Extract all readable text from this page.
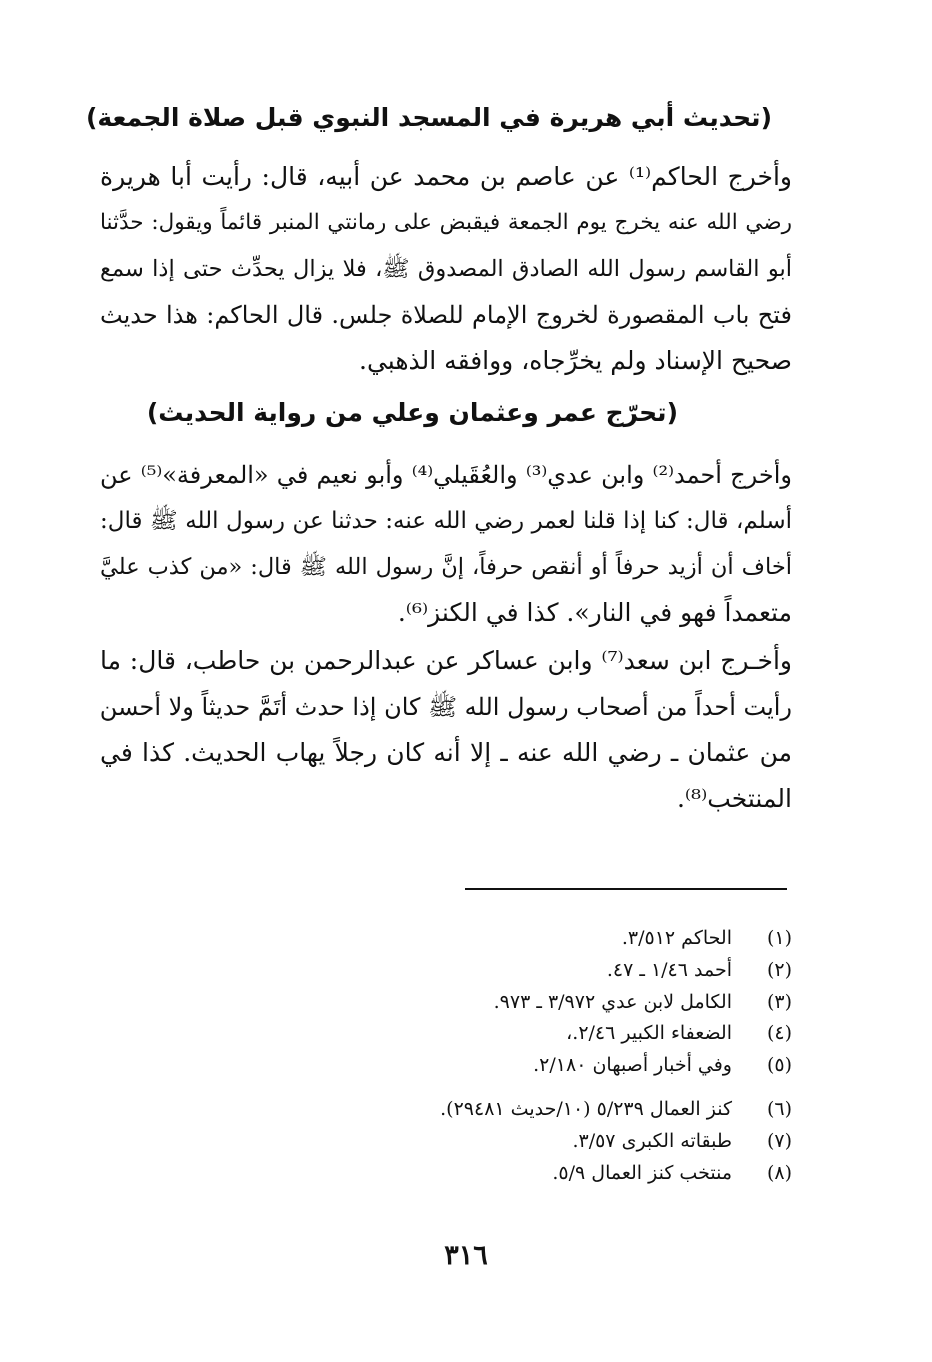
(تحديث أبي هريرة في المسجد النبوي قبل صلاة الجمعة)
وأخرج الحاكم⁽¹⁾ عن عاصم بن محمد عن أبيه، قال: رأيت أبا هريرة
رضي الله عنه يخرج يوم الجمعة فيقبض على رمانتي المنبر قائماً ويقول: حدَّثنا
أبو القاسم رسول الله الصادق المصدوق ﷺ، فلا يزال يحدِّث حتى إذا سمع
فتح باب المقصورة لخروج الإمام للصلاة جلس. قال الحاكم: هذا حديث
صحيح الإسناد ولم يخرِّجاه، ووافقه الذهبي.
(تحرّج عمر وعثمان وعلي من رواية الحديث)
وأخرج أحمد⁽²⁾ وابن عدي⁽³⁾ والعُقَيلي⁽⁴⁾ وأبو نعيم في «المعرفة»⁽⁵⁾ عن
أسلم، قال: كنا إذا قلنا لعمر رضي الله عنه: حدثنا عن رسول الله ﷺ قال:
أخاف أن أزيد حرفاً أو أنقص حرفاً، إنَّ رسول الله ﷺ قال: «من كذب عليَّ
متعمداً فهو في النار». كذا في الكنز⁽⁶⁾.
وأخـرج ابن سعد⁽⁷⁾ وابن عساكر عن عبدالرحمن بن حاطب، قال: ما
رأيت أحداً من أصحاب رسول الله ﷺ كان إذا حدث أتَمَّ حديثاً ولا أحسن
من عثمان ـ رضي الله عنه ـ إلا أنه كان رجلاً يهاب الحديث. كذا في
المنتخب⁽⁸⁾.
(١)
الحاكم ٣/٥١٢.
(٢)
أحمد ١/٤٦ ـ ٤٧.
(٣)
الكامل لابن عدي ٣/٩٧٢ ـ ٩٧٣.
(٤)
الضعفاء الكبير ٢/٤٦.،
(٥)
وفي أخبار أصبهان ٢/١٨٠.
(٦)
كنز العمال ٥/٢٣٩ (١٠/حديث ٢٩٤٨١).
(٧)
طبقاته الكبرى ٣/٥٧.
(٨)
منتخب كنز العمال ٥/٩.
٣١٦
